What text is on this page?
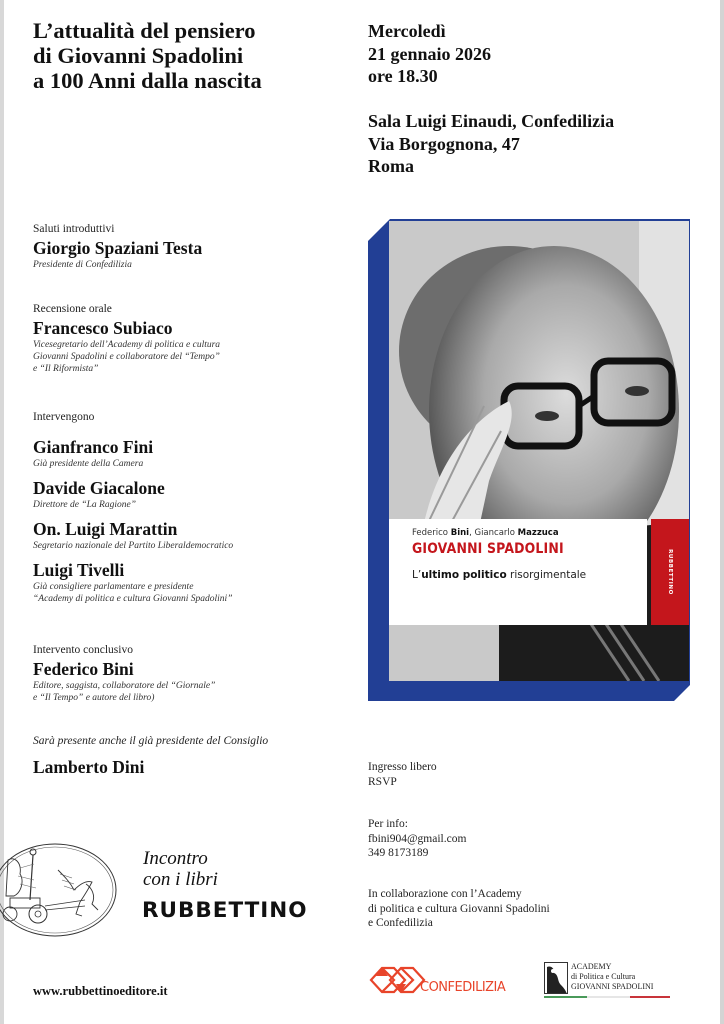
L’attualità del pensiero
di Giovanni Spadolini
a 100 Anni dalla nascita
Mercoledì
21 gennaio 2026
ore 18.30
Sala Luigi Einaudi, Confedilizia
Via Borgognona, 47
Roma
Saluti introduttivi
Giorgio Spaziani Testa
Presidente di Confedilizia
Recensione orale
Francesco Subiaco
Vicesegretario dell’Academy di politica e cultura
Giovanni Spadolini e collaboratore del “Tempo”
e “Il Riformista”
Intervengono
Gianfranco Fini
Già presidente della Camera
Davide Giacalone
Direttore de “La Ragione”
On. Luigi Marattin
Segretario nazionale del Partito Liberaldemocratico
Luigi Tivelli
Già consigliere parlamentare e presidente
“Academy di politica e cultura Giovanni Spadolini”
Intervento conclusivo
Federico Bini
Editore, saggista, collaboratore del “Giornale”
e “Il Tempo” e autore del libro)
Sarà presente anche il già presidente del Consiglio
Lamberto Dini
RUBBETTINO
Federico Bini, Giancarlo Mazzuca
GIOVANNI SPADOLINI
L’ultimo politico risorgimentale
Ingresso libero
RSVP
Per info:
fbini904@gmail.com
349 8173189
In collaborazione con l’Academy
di politica e cultura Giovanni Spadolini
e Confedilizia
Incontro
con i libri
RUBBETTINO
www.rubbettinoeditore.it	CONFEDILIZIA
ACADEMY
di Politica e Cultura
GIOVANNI SPADOLINI
